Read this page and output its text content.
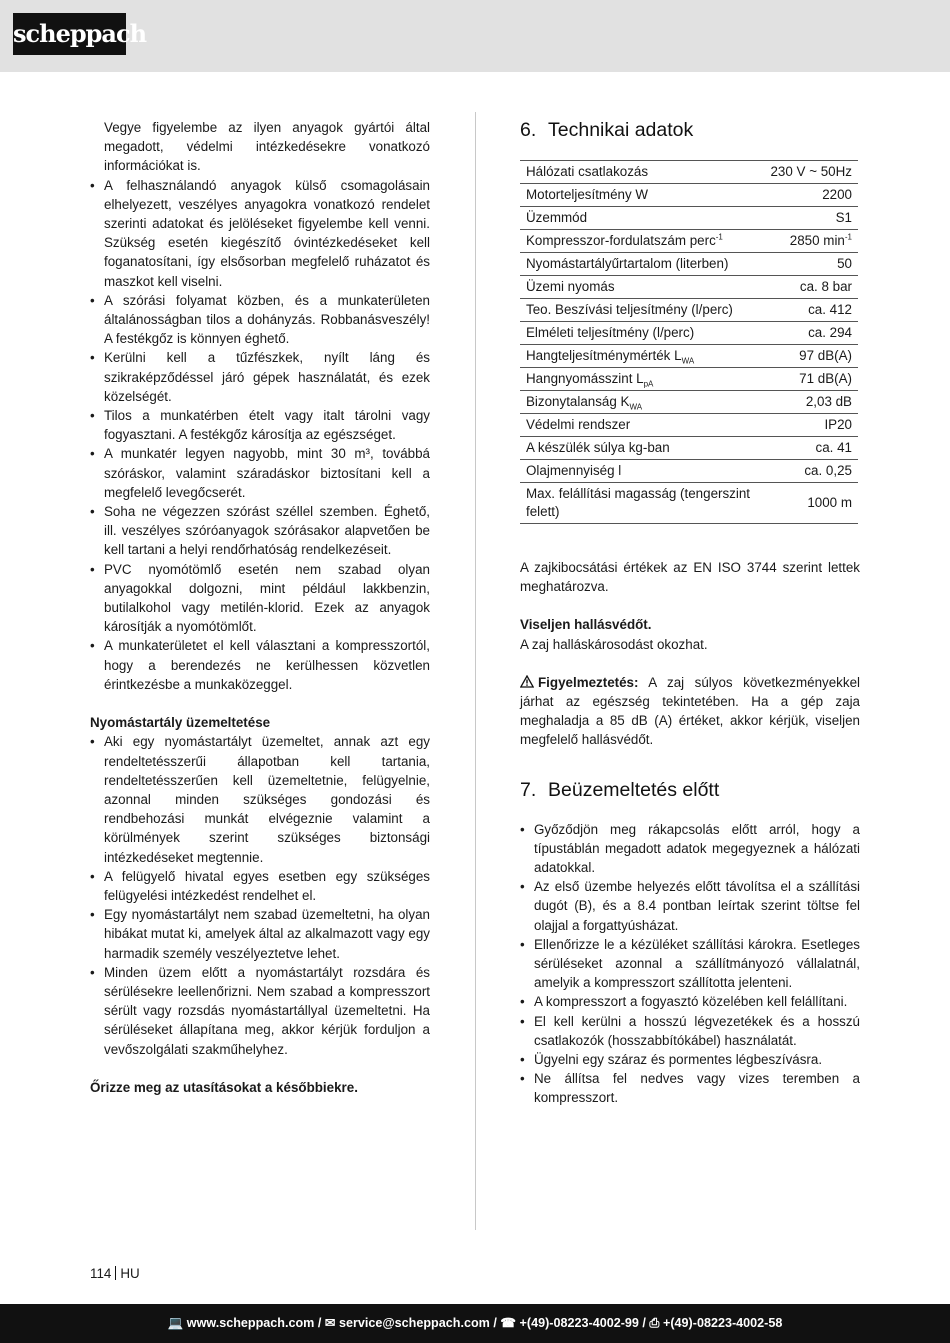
scheppach

Vegye figyelembe az ilyen anyagok gyártói által megadott, védelmi intézkedésekre vonatkozó információkat is.

• A felhasználandó anyagok külső csomagolásain elhelyezett, veszélyes anyagokra vonatkozó rendelet szerinti adatokat és jelöléseket figyelembe kell venni. Szükség esetén kiegészítő óvintézkedéseket kell foganatosítani, így elsősorban megfelelő ruházatot és maszkot kell viselni.
• A szórási folyamat közben, és a munkaterületen általánosságban tilos a dohányzás. Robbanásveszély! A festékgőz is könnyen éghető.
• Kerülni kell a tűzfészkek, nyílt láng és szikraképződéssel járó gépek használatát, és ezek közelségét.
• Tilos a munkatérben ételt vagy italt tárolni vagy fogyasztani. A festékgőz károsítja az egészséget.
• A munkatér legyen nagyobb, mint 30 m³, továbbá szóráskor, valamint száradáskor biztosítani kell a megfelelő levegőcserét.
• Soha ne végezzen szórást széllel szemben. Éghető, ill. veszélyes szóróanyagok szórásakor alapvetően be kell tartani a helyi rendőrhatóság rendelkezéseit.
• PVC nyomótömlő esetén nem szabad olyan anyagokkal dolgozni, mint például lakkbenzin, butilalkohol vagy metilén-klorid. Ezek az anyagok károsítják a nyomótömlőt.
• A munkaterületet el kell választani a kompresszortól, hogy a berendezés ne kerülhessen közvetlen érintkezésbe a munkaközeggel.

Nyomástartály üzemeltetése

• Aki egy nyomástartályt üzemeltet, annak azt egy rendeltetésszerűi állapotban kell tartania, rendeltetésszerűen kell üzemeltetnie, felügyelnie, azonnal minden szükséges gondozási és rendbehozási munkát elvégeznie valamint a körülmények szerint szükséges biztonsági intézkedéseket megtennie.
• A felügyelő hivatal egyes esetben egy szükséges felügyelési intézkedést rendelhet el.
• Egy nyomástartályt nem szabad üzemeltetni, ha olyan hibákat mutat ki, amelyek által az alkalmazott vagy egy harmadik személy veszélyeztetve lehet.
• Minden üzem előtt a nyomástartályt rozsdára és sérülésekre leellenőrizni. Nem szabad a kompresszort sérült vagy rozsdás nyomástartállyal üzemeltetni. Ha sérüléseket állapítana meg, akkor kérjük forduljon a vevőszolgálati szakműhelyhez.

Őrizze meg az utasításokat a későbbiekre.

6. Technikai adatok
Hálózati csatlakozás	230 V ~ 50Hz
Motorteljesítmény W	2200
Üzemmód	S1
Kompresszor-fordulatszám perc$^{-1}$	2850 $\min^{-1}$
Nyomástartályűrtartalom (literben)	50
Üzemi nyomás	ca. 8 bar
Teo. Beszívási teljesítmény (l/perc)	ca. 412
Elméleti teljesítmény (l/perc)	ca. 294
Hangteljesítménymérték $L_{WA}$	97 dB(A)
Hangnyomásszint $L_{pA}$	71 dB(A)
Bizonytalanság $K_{WA}$	2,03 dB
Védelmi rendszer	IP20
A készülék súlya kg-ban	ca. 41
Olajmennyiség l	ca. 0,25
Max. felállítási magasság (tengerszint felett)	1000 m

A zajkibocsátási értékek az EN ISO 3744 szerint lettek meghatározva.

Viseljen hallásvédőt.

A zaj halláskárosodást okozhat.

Figyelmeztetés: A zaj súlyos következményekkel járhat az egészség tekintetében. Ha a gép zaja meghaladja a 85 dB (A) értéket, akkor kérjük, viseljen megfelelő hallásvédőt.

7. Beüzemeltetés előtt
• Győződjön meg rákapcsolás előtt arról, hogy a típustáblán megadott adatok megegyeznek a hálózati adatokkal.
• Az első üzembe helyezés előtt távolítsa el a szállítási dugót (B), és a 8.4 pontban leírtak szerint töltse fel olajjal a forgattyúsházat.
• Ellenőrizze le a kézüléket szállítási károkra. Esetleges sérüléseket azonnal a szállítmányozó vállalatnál, amelyik a kompresszort szállította jelenteni.
• A kompresszort a fogyasztó közelében kell felállítani.
• El kell kerülni a hosszú légvezetékek és a hosszú csatlakozók (hosszabbítókábel) használatát.
• Ügyelni egy száraz és pormentes légbeszívásra.
• Ne állítsa fel nedves vagy vizes teremben a kompresszort.
114 HU
💻 www.scheppach.com / ✉ service@scheppach.com / ☎ +(49)-08223-4002-99 / ⎙ +(49)-08223-4002-58
